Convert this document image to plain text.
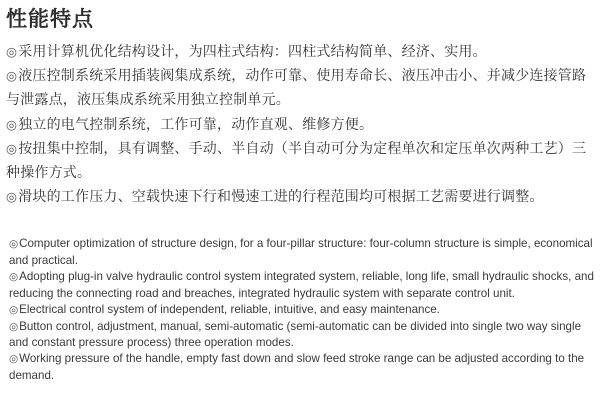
性能特点
◎采用计算机优化结构设计，为四柱式结构：四柱式结构简单、经济、实用。
◎液压控制系统采用插装阀集成系统，动作可靠、使用寿命长、液压冲击小、并减少连接管路与泄露点，液压集成系统采用独立控制单元。
◎独立的电气控制系统，工作可靠，动作直观、维修方便。
◎按扭集中控制，具有调整、手动、半自动（半自动可分为定程单次和定压单次两种工艺）三种操作方式。
◎滑块的工作压力、空载快速下行和慢速工进的行程范围均可根据工艺需要进行调整。
◎Computer optimization of structure design, for a four-pillar structure: four-column structure is simple, economical and practical.
◎Adopting plug-in valve hydraulic control system integrated system, reliable, long life, small hydraulic shocks, and reducing the connecting road and breaches, integrated hydraulic system with separate control unit.
◎Electrical control system of independent, reliable, intuitive, and easy maintenance.
◎Button control, adjustment, manual, semi-automatic (semi-automatic can be divided into single two way single and constant pressure process) three operation modes.
◎Working pressure of the handle, empty fast down and slow feed stroke range can be adjusted according to the demand.
